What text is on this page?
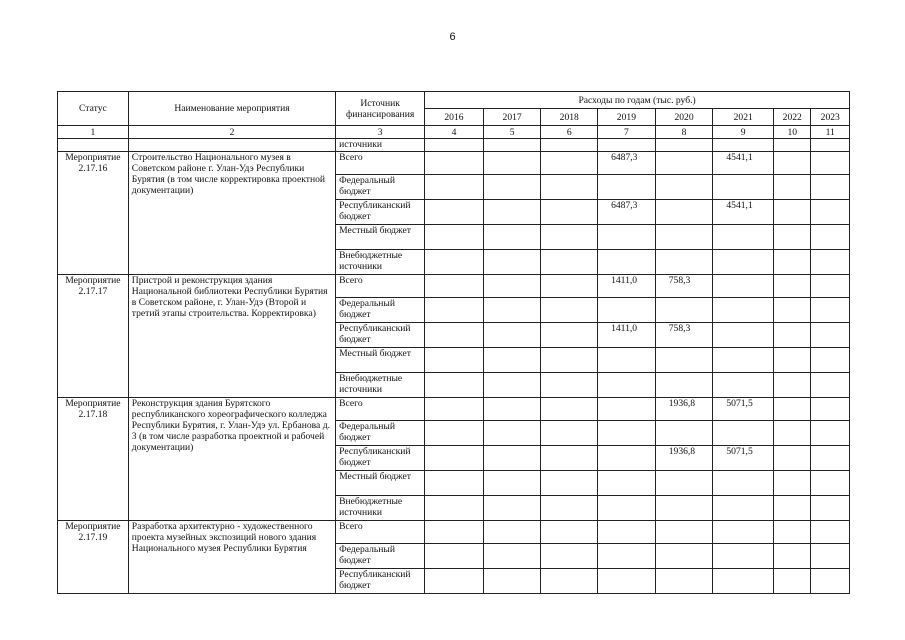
6
Статус	Наименование мероприятия	Источник финансирования	Расходы по годам (тыс. руб.)							
			2016	2017	2018	2019	2020	2021	2022	2023
1	2	3	4	5	6	7	8	9	10	11
		источники								
Мероприятие 2.17.16	Строительство Национального музея в Советском районе г. Улан-Удэ Республики Бурятия (в том числе корректировка проектной документации)	Всего				6487,3		4541,1		
		Федеральный бюджет								
		Республиканский бюджет				6487,3		4541,1		
		Местный бюджет								
		Внебюджетные источники								
Мероприятие 2.17.17	Пристрой и реконструкция здания Национальной библиотеки Республики Бурятия в Советском районе, г. Улан-Удэ (Второй и третий этапы строительства. Корректировка)	Всего				1411,0	758,3			
		Федеральный бюджет								
		Республиканский бюджет				1411,0	758,3			
		Местный бюджет								
		Внебюджетные источники								
Мероприятие 2.17.18	Реконструкция здания Бурятского республиканского хореографического колледжа Республики Бурятия, г. Улан-Удэ ул. Ербанова д. 3 (в том числе разработка проектной и рабочей документации)	Всего					1936,8	5071,5		
		Федеральный бюджет								
		Республиканский бюджет					1936,8	5071,5		
		Местный бюджет								
		Внебюджетные источники								
Мероприятие 2.17.19	Разработка архитектурно - художественного проекта музейных экспозиций нового здания Национального музея Республики Бурятия	Всего								
		Федеральный бюджет								
		Республиканский бюджет								
